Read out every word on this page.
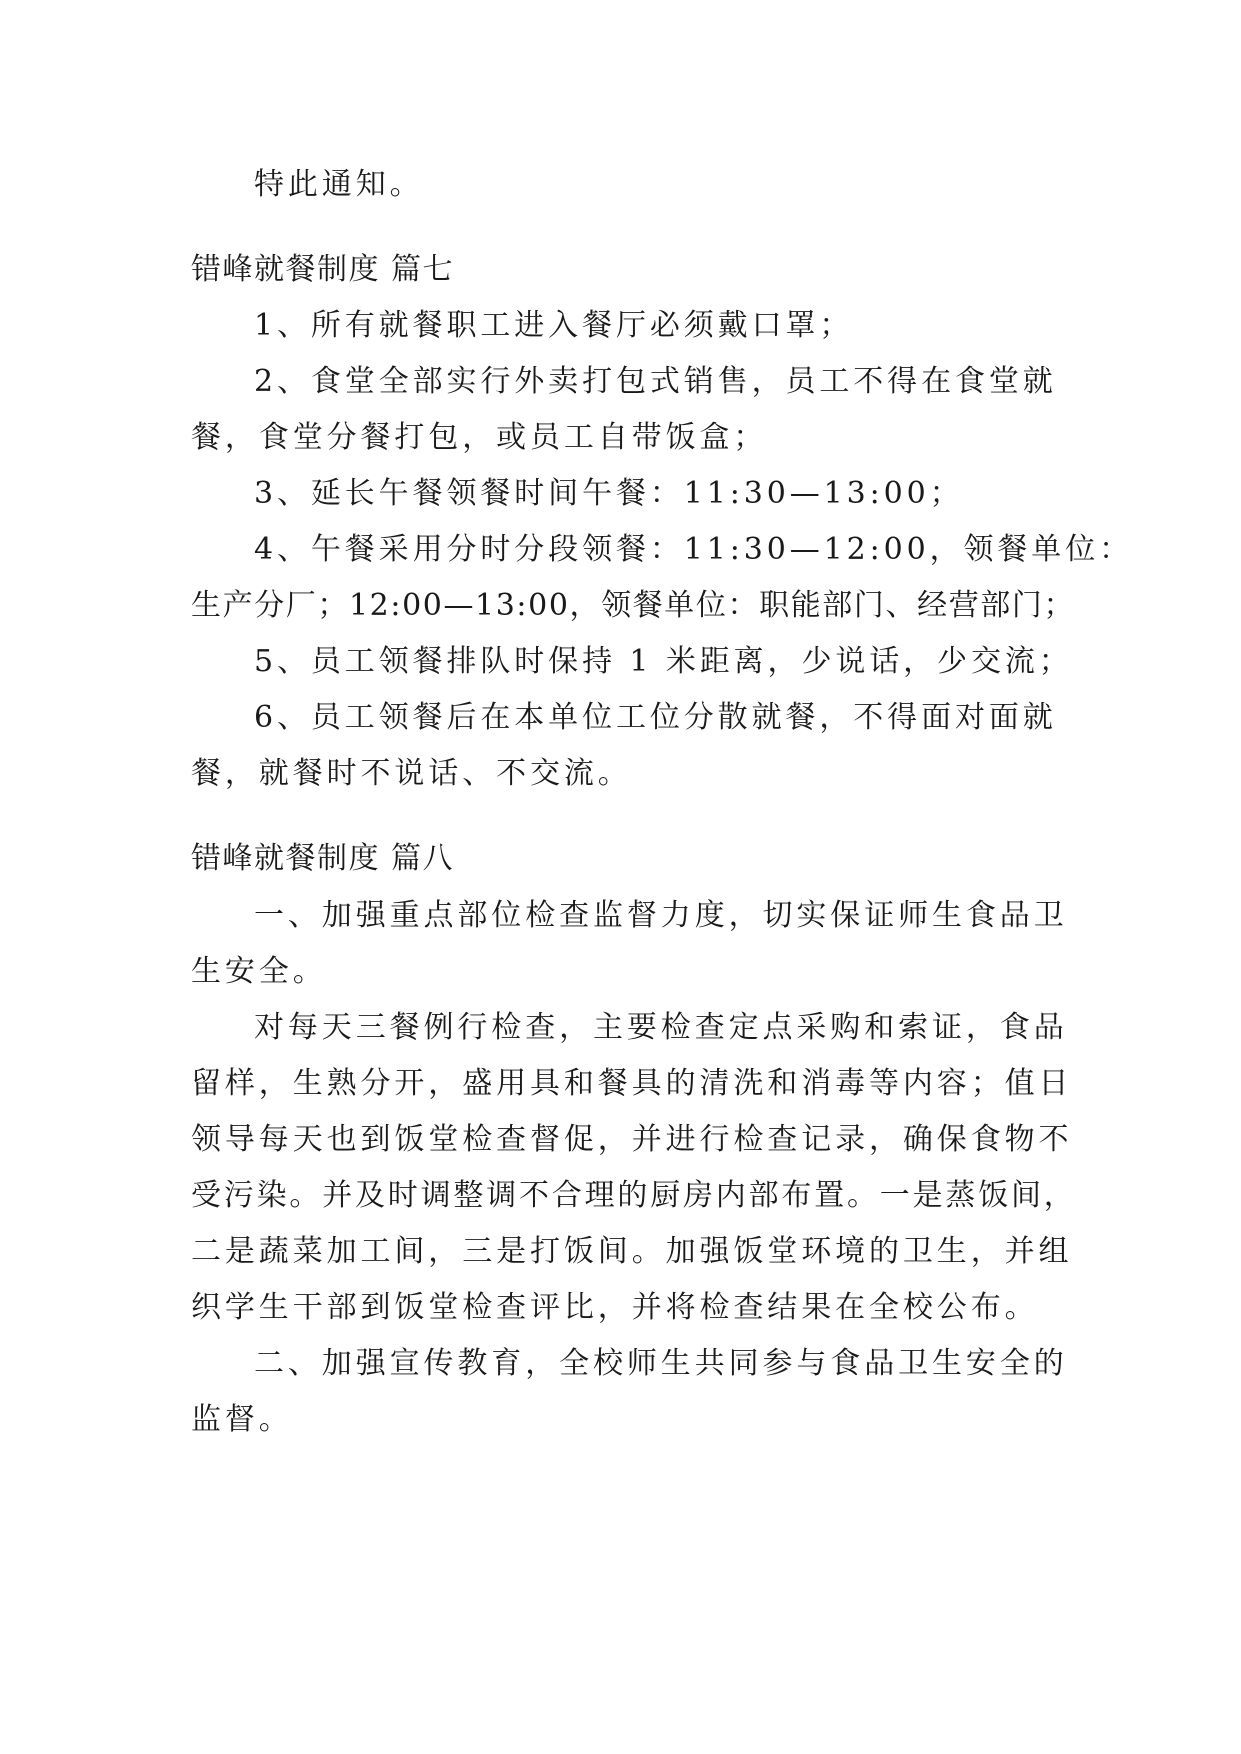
特此通知。
错峰就餐制度 篇七
1、所有就餐职工进入餐厅必须戴口罩；
2、食堂全部实行外卖打包式销售，员工不得在食堂就
餐，食堂分餐打包，或员工自带饭盒；
3、延长午餐领餐时间午餐：11:30—13:00；
4、午餐采用分时分段领餐：11:30—12:00，领餐单位：
生产分厂；12:00—13:00，领餐单位：职能部门、经营部门；
5、员工领餐排队时保持 1 米距离，少说话，少交流；
6、员工领餐后在本单位工位分散就餐，不得面对面就
餐，就餐时不说话、不交流。
错峰就餐制度 篇八
一、加强重点部位检查监督力度，切实保证师生食品卫
生安全。
对每天三餐例行检查，主要检查定点采购和索证，食品
留样，生熟分开，盛用具和餐具的清洗和消毒等内容；值日
领导每天也到饭堂检查督促，并进行检查记录，确保食物不
受污染。并及时调整调不合理的厨房内部布置。一是蒸饭间，
二是蔬菜加工间，三是打饭间。加强饭堂环境的卫生，并组
织学生干部到饭堂检查评比，并将检查结果在全校公布。
二、加强宣传教育，全校师生共同参与食品卫生安全的
监督。
